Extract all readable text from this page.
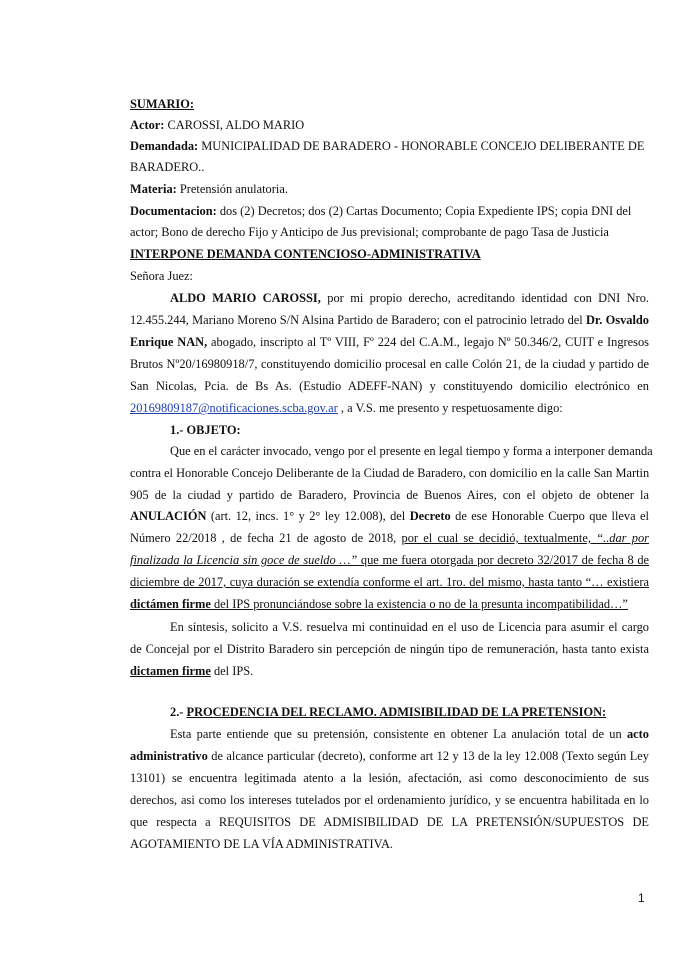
SUMARIO:
Actor: CAROSSI, ALDO MARIO
Demandada: MUNICIPALIDAD DE BARADERO - HONORABLE CONCEJO DELIBERANTE DE
BARADERO..
Materia: Pretensión anulatoria.
Documentacion: dos (2) Decretos; dos (2) Cartas Documento; Copia Expediente IPS; copia DNI del
actor; Bono de derecho Fijo y Anticipo de Jus previsional; comprobante de pago Tasa de Justicia
INTERPONE DEMANDA CONTENCIOSO-ADMINISTRATIVA
Señora Juez:
ALDO MARIO CAROSSI, por mi propio derecho, acreditando identidad con DNI Nro.
12.455.244, Mariano Moreno S/N Alsina Partido de Baradero; con el patrocinio letrado del Dr. Osvaldo
Enrique NAN, abogado, inscripto al Tº VIII, Fº 224 del C.A.M., legajo Nº 50.346/2, CUIT e Ingresos
Brutos Nº20/16980918/7, constituyendo domicilio procesal en calle Colón 21, de la ciudad y partido de
San Nicolas, Pcia. de Bs As. (Estudio ADEFF-NAN) y constituyendo domicilio electrónico en
20169809187@notificaciones.scba.gov.ar , a V.S. me presento y respetuosamente digo:
1.- OBJETO:
Que en el carácter invocado, vengo por el presente en legal tiempo y forma a interponer demanda
contra el Honorable Concejo Deliberante de la Ciudad de Baradero, con domicilio en la calle San Martin
905 de la ciudad y partido de Baradero, Provincia de Buenos Aires, con el objeto de obtener la
ANULACIÓN (art. 12, incs. 1° y 2° ley 12.008), del Decreto de ese Honorable Cuerpo que lleva el
Número 22/2018 , de fecha 21 de agosto de 2018, por el cual se decidió, textualmente, “..dar por
finalizada la Licencia sin goce de sueldo …” que me fuera otorgada por decreto 32/2017 de fecha 8 de
diciembre de 2017, cuya duración se extendía conforme el art. 1ro. del mismo, hasta tanto “… existiera
dictámen firme del IPS pronunciándose sobre la existencia o no de la presunta incompatibilidad…”
En síntesis, solicito a V.S. resuelva mi continuidad en el uso de Licencia para asumir el cargo
de Concejal por el Distrito Baradero sin percepción de ningún tipo de remuneración, hasta tanto exista
dictamen firme del IPS.
2.- PROCEDENCIA DEL RECLAMO. ADMISIBILIDAD DE LA PRETENSION:
Esta parte entiende que su pretensión, consistente en obtener La anulación total de un acto
administrativo de alcance particular (decreto), conforme art 12 y 13 de la ley 12.008 (Texto según Ley
13101) se encuentra legitimada atento a la lesión, afectación, asi como desconocimiento de sus
derechos, asi como los intereses tutelados por el ordenamiento jurídico, y se encuentra habilitada en lo
que respecta a REQUISITOS DE ADMISIBILIDAD DE LA PRETENSIÓN/SUPUESTOS DE
AGOTAMIENTO DE LA VÍA ADMINISTRATIVA.
1
